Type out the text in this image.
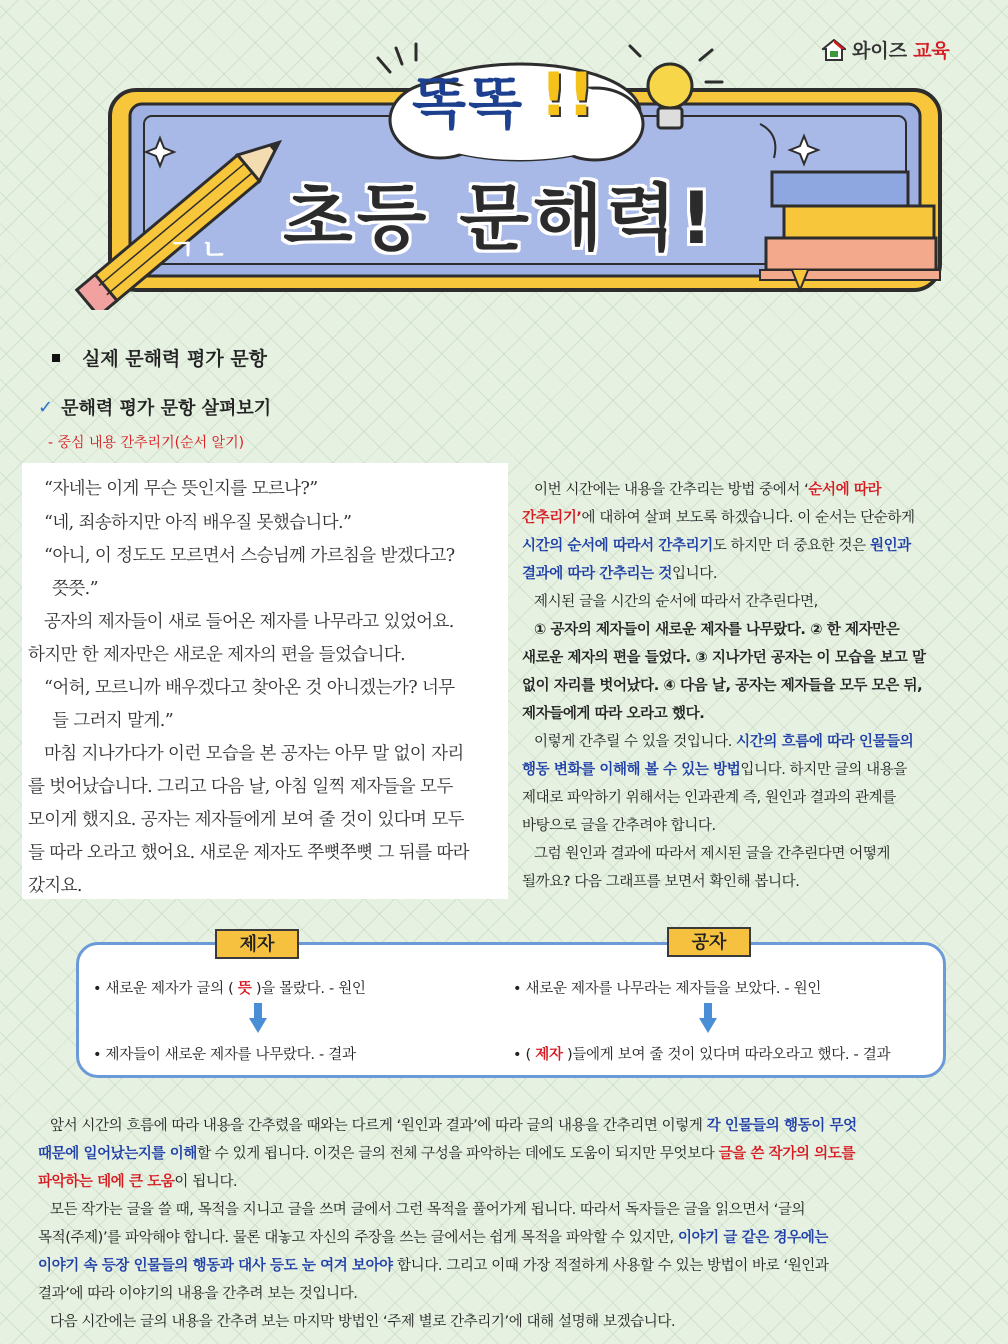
와이즈 교육
똑똑 !!
초등 문해력!
ㄱㄴ
실제 문해력 평가 문항
✓ 문해력 평가 문항 살펴보기
- 중심 내용 간추리기(순서 알기)

“자네는 이게 무슨 뜻인지를 모르나?”

“네, 죄송하지만 아직 배우질 못했습니다.”

“아니, 이 정도도 모르면서 스승님께 가르침을 받겠다고?

쯧쯧.”

공자의 제자들이 새로 들어온 제자를 나무라고 있었어요.

하지만 한 제자만은 새로운 제자의 편을 들었습니다.

“어허, 모르니까 배우겠다고 찾아온 것 아니겠는가? 너무

들 그러지 말게.”

마침 지나가다가 이런 모습을 본 공자는 아무 말 없이 자리

를 벗어났습니다. 그리고 다음 날, 아침 일찍 제자들을 모두

모이게 했지요. 공자는 제자들에게 보여 줄 것이 있다며 모두

들 따라 오라고 했어요. 새로운 제자도 쭈뼛쭈뼛 그 뒤를 따라

갔지요.

이번 시간에는 내용을 간추리는 방법 중에서 ‘순서에 따라

간추리기’에 대하여 살펴 보도록 하겠습니다. 이 순서는 단순하게

시간의 순서에 따라서 간추리기도 하지만 더 중요한 것은 원인과

결과에 따라 간추리는 것입니다.

제시된 글을 시간의 순서에 따라서 간추린다면,

① 공자의 제자들이 새로운 제자를 나무랐다. ② 한 제자만은

새로운 제자의 편을 들었다. ③ 지나가던 공자는 이 모습을 보고 말

없이 자리를 벗어났다. ④ 다음 날, 공자는 제자들을 모두 모은 뒤,

제자들에게 따라 오라고 했다.

이렇게 간추릴 수 있을 것입니다. 시간의 흐름에 따라 인물들의

행동 변화를 이해해 볼 수 있는 방법입니다. 하지만 글의 내용을

제대로 파악하기 위해서는 인과관계 즉, 원인과 결과의 관계를

바탕으로 글을 간추려야 합니다.

그럼 원인과 결과에 따라서 제시된 글을 간추린다면 어떻게

될까요? 다음 그래프를 보면서 확인해 봅니다.

제자	공자
• 새로운 제자가 글의 ( 뜻 )을 몰랐다. - 원인
• 제자들이 새로운 제자를 나무랐다. - 결과
• 새로운 제자를 나무라는 제자들을 보았다. - 원인
• ( 제자 )들에게 보여 줄 것이 있다며 따라오라고 했다. - 결과

앞서 시간의 흐름에 따라 내용을 간추렸을 때와는 다르게 ‘원인과 결과’에 따라 글의 내용을 간추리면 이렇게 각 인물들의 행동이 무엇

때문에 일어났는지를 이해할 수 있게 됩니다. 이것은 글의 전체 구성을 파악하는 데에도 도움이 되지만 무엇보다 글을 쓴 작가의 의도를

파악하는 데에 큰 도움이 됩니다.

모든 작가는 글을 쓸 때, 목적을 지니고 글을 쓰며 글에서 그런 목적을 풀어가게 됩니다. 따라서 독자들은 글을 읽으면서 ‘글의

목적(주제)’를 파악해야 합니다. 물론 대놓고 자신의 주장을 쓰는 글에서는 쉽게 목적을 파악할 수 있지만, 이야기 글 같은 경우에는

이야기 속 등장 인물들의 행동과 대사 등도 눈 여겨 보아야 합니다. 그리고 이때 가장 적절하게 사용할 수 있는 방법이 바로 ‘원인과

결과’에 따라 이야기의 내용을 간추려 보는 것입니다.

다음 시간에는 글의 내용을 간추려 보는 마지막 방법인 ‘주제 별로 간추리기’에 대해 설명해 보겠습니다.
